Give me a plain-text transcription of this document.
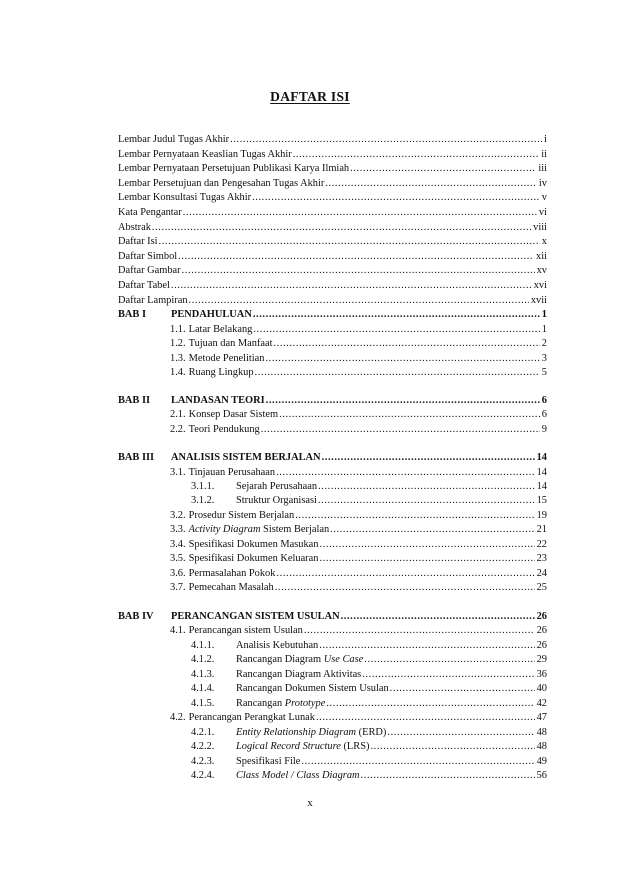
DAFTAR ISI
Lembar Judul Tugas Akhir .....	i
Lembar Pernyataan Keaslian Tugas Akhir .....	ii
Lembar Pernyataan Persetujuan Publikasi Karya Ilmiah .....	iii
Lembar Persetujuan dan Pengesahan Tugas Akhir .....	iv
Lembar Konsultasi Tugas Akhir .....	v
Kata Pengantar .....	vi
Abstrak .....	viii
Daftar Isi .....	x
Daftar Simbol .....	xii
Daftar Gambar .....	xv
Daftar Tabel .....	xvi
Daftar Lampiran .....	xvii
BAB I	PENDAHULUAN .....	1
1.1. Latar Belakang .....	1
1.2. Tujuan dan Manfaat .....	2
1.3. Metode Penelitian .....	3
1.4. Ruang Lingkup .....	5
BAB II	LANDASAN TEORI .....	6
2.1. Konsep Dasar Sistem .....	6
2.2. Teori Pendukung .....	9
BAB III	ANALISIS SISTEM BERJALAN .....	14
3.1. Tinjauan Perusahaan .....	14
3.1.1.	Sejarah Perusahaan .....	14
3.1.2.	Struktur Organisasi .....	15
3.2. Prosedur Sistem Berjalan .....	19
3.3. Activity Diagram Sistem Berjalan .....	21
3.4. Spesifikasi Dokumen Masukan .....	22
3.5. Spesifikasi Dokumen Keluaran .....	23
3.6. Permasalahan Pokok .....	24
3.7. Pemecahan Masalah .....	25
BAB IV	PERANCANGAN SISTEM USULAN .....	26
4.1. Perancangan sistem Usulan .....	26
4.1.1.	Analisis Kebutuhan .....	26
4.1.2.	Rancangan Diagram Use Case .....	29
4.1.3.	Rancangan Diagram Aktivitas .....	36
4.1.4.	Rancangan Dokumen Sistem Usulan .....	40
4.1.5.	Rancangan Prototype .....	42
4.2. Perancangan Perangkat Lunak .....	47
4.2.1.	Entity Relationship Diagram (ERD) .....	48
4.2.2.	Logical Record Structure (LRS) .....	48
4.2.3.	Spesifikasi File .....	49
4.2.4.	Class Model / Class Diagram .....	56
x
